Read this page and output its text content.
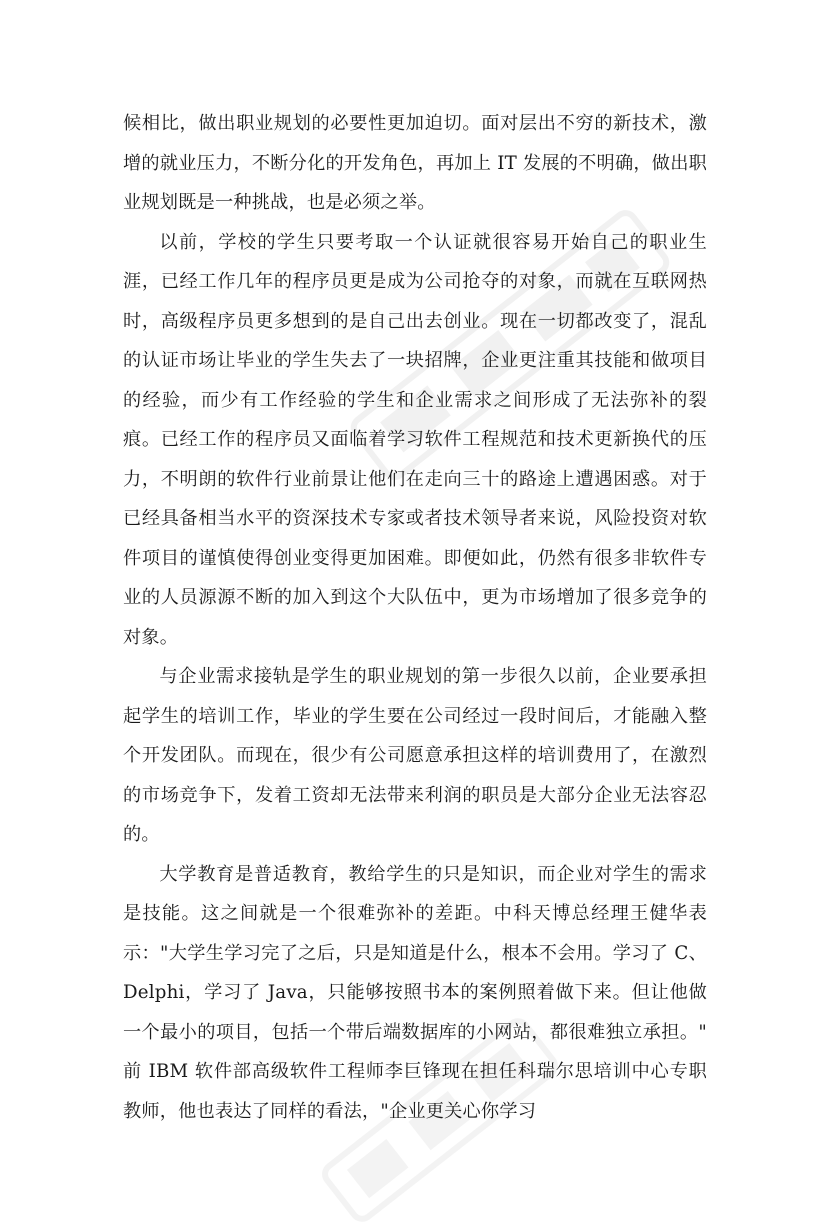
候相比，做出职业规划的必要性更加迫切。面对层出不穷的新技术，激增的就业压力，不断分化的开发角色，再加上 IT 发展的不明确，做出职业规划既是一种挑战，也是必须之举。

以前，学校的学生只要考取一个认证就很容易开始自己的职业生涯，已经工作几年的程序员更是成为公司抢夺的对象，而就在互联网热时，高级程序员更多想到的是自己出去创业。现在一切都改变了，混乱的认证市场让毕业的学生失去了一块招牌，企业更注重其技能和做项目的经验，而少有工作经验的学生和企业需求之间形成了无法弥补的裂痕。已经工作的程序员又面临着学习软件工程规范和技术更新换代的压力，不明朗的软件行业前景让他们在走向三十的路途上遭遇困惑。对于已经具备相当水平的资深技术专家或者技术领导者来说，风险投资对软件项目的谨慎使得创业变得更加困难。即便如此，仍然有很多非软件专业的人员源源不断的加入到这个大队伍中，更为市场增加了很多竞争的对象。

与企业需求接轨是学生的职业规划的第一步很久以前，企业要承担起学生的培训工作，毕业的学生要在公司经过一段时间后，才能融入整个开发团队。而现在，很少有公司愿意承担这样的培训费用了，在激烈的市场竞争下，发着工资却无法带来利润的职员是大部分企业无法容忍的。

大学教育是普适教育，教给学生的只是知识，而企业对学生的需求是技能。这之间就是一个很难弥补的差距。中科天博总经理王健华表示："大学生学习完了之后，只是知道是什么，根本不会用。学习了 C、Delphi，学习了 Java，只能够按照书本的案例照着做下来。但让他做一个最小的项目，包括一个带后端数据库的小网站，都很难独立承担。" 前 IBM 软件部高级软件工程师李巨锋现在担任科瑞尔思培训中心专职教师，他也表达了同样的看法，"企业更关心你学习
